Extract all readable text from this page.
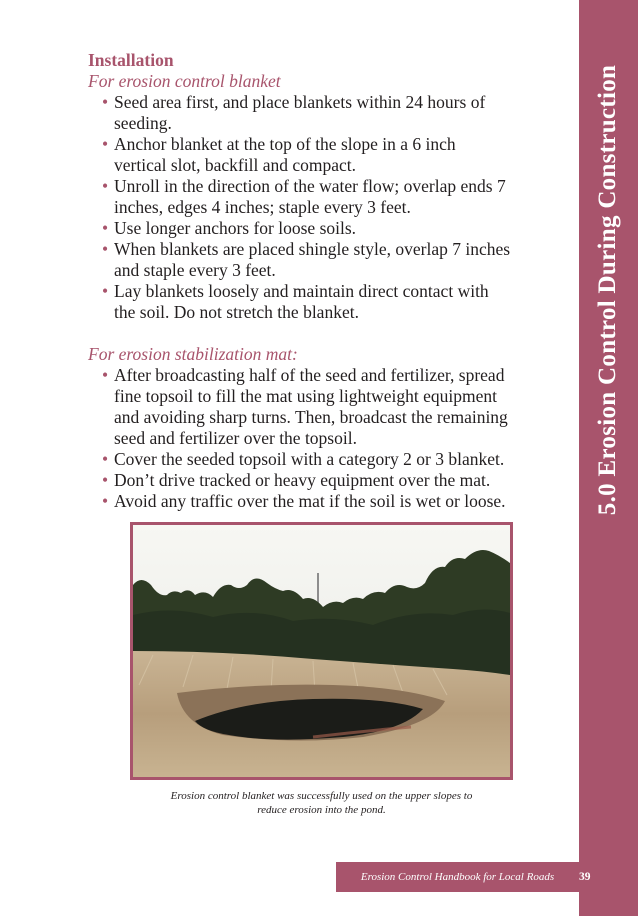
5.0 Erosion Control During Construction

Installation

For erosion control blanket

• Seed area first, and place blankets within 24 hours of
seeding.
• Anchor blanket at the top of the slope in a 6 inch
vertical slot, backfill and compact.
• Unroll in the direction of the water flow; overlap ends 7
inches, edges 4 inches; staple every 3 feet.
• Use longer anchors for loose soils.
• When blankets are placed shingle style, overlap 7 inches
and staple every 3 feet.
• Lay blankets loosely and maintain direct contact with
the soil. Do not stretch the blanket.

For erosion stabilization mat:

• After broadcasting half of the seed and fertilizer, spread
fine topsoil to fill the mat using lightweight equipment
and avoiding sharp turns. Then, broadcast the remaining
seed and fertilizer over the topsoil.
• Cover the seeded topsoil with a category 2 or 3 blanket.
• Don’t drive tracked or heavy equipment over the mat.
• Avoid any traffic over the mat if the soil is wet or loose.
Erosion control blanket was successfully used on the upper slopes to
reduce erosion into the pond.
Erosion Control Handbook for Local Roads	39
